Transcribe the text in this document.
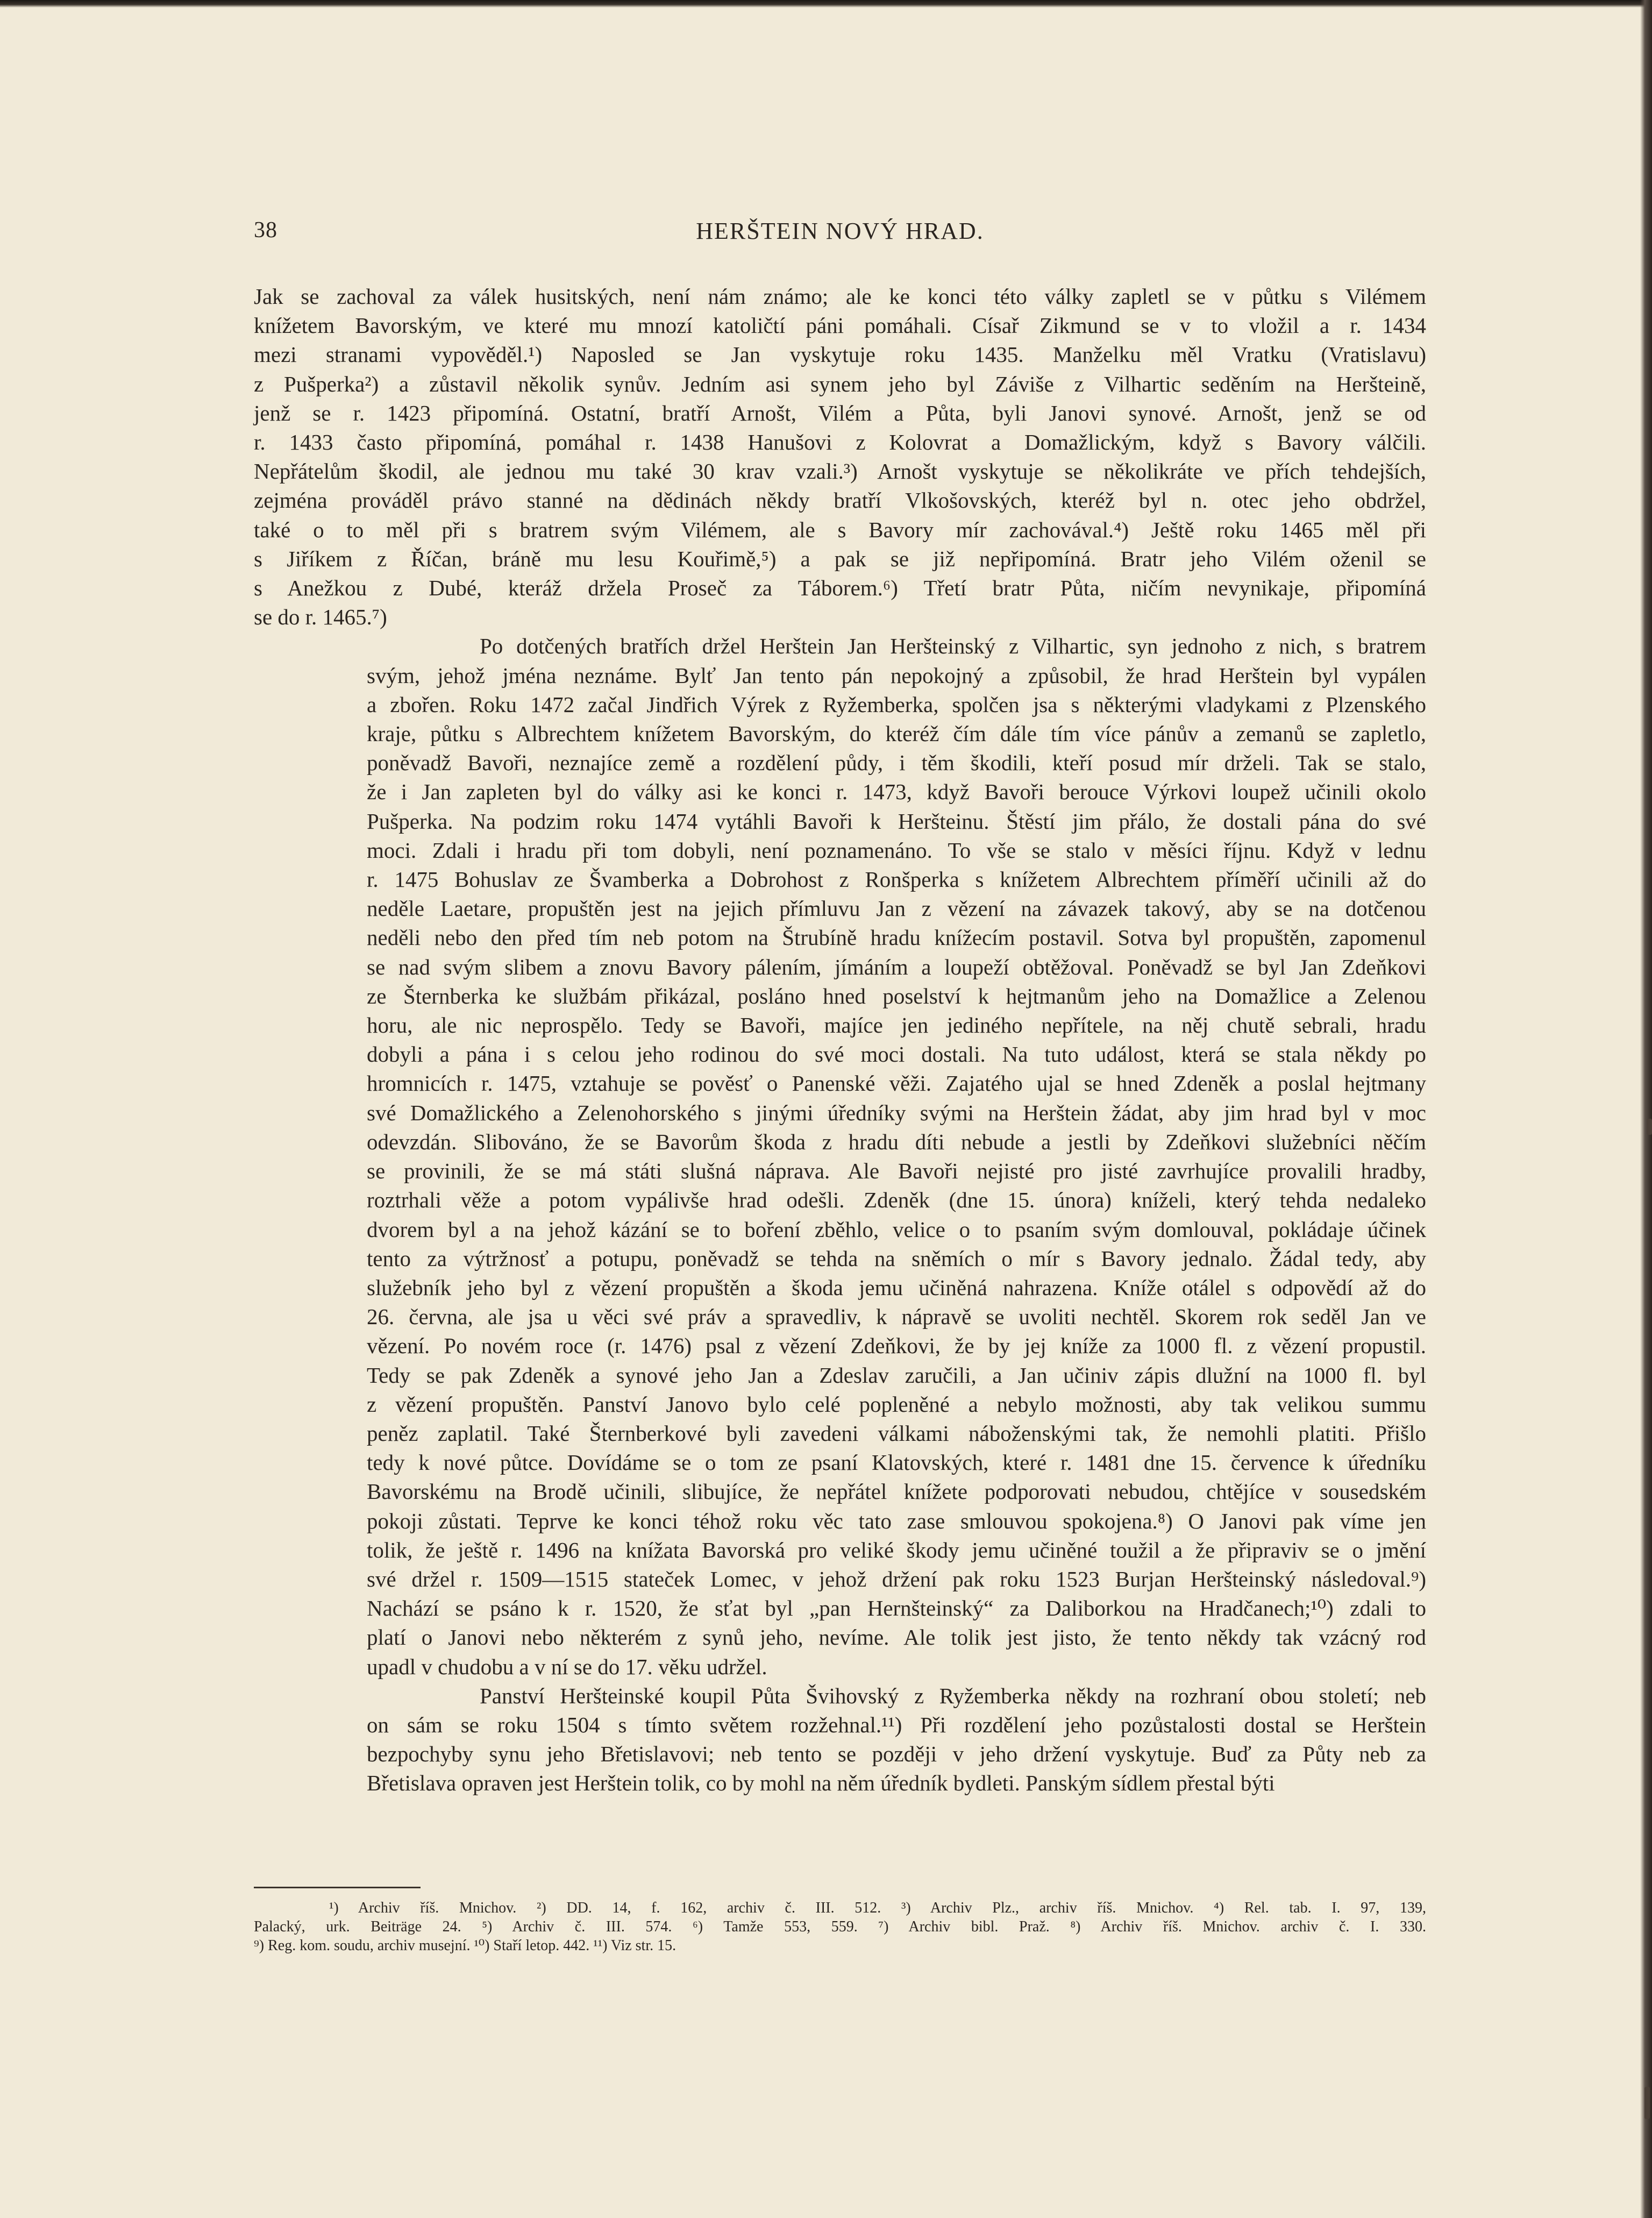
38	HERŠTEIN NOVÝ HRAD.
Jak se zachoval za válek husitských, není nám známo; ale ke konci této války zapletl se v půtku s Vilémem
knížetem Bavorským, ve které mu mnozí katoličtí páni pomáhali. Císař Zikmund se v to vložil a r. 1434
mezi stranami vypověděl.¹) Naposled se Jan vyskytuje roku 1435. Manželku měl Vratku (Vratislavu)
z Pušperka²) a zůstavil několik synův. Jedním asi synem jeho byl Záviše z Vilhartic seděním na Heršteině,
jenž se r. 1423 připomíná. Ostatní, bratří Arnošt, Vilém a Půta, byli Janovi synové. Arnošt, jenž se od
r. 1433 často připomíná, pomáhal r. 1438 Hanušovi z Kolovrat a Domažlickým, když s Bavory válčili.
Nepřátelům škodil, ale jednou mu také 30 krav vzali.³) Arnošt vyskytuje se několikráte ve přích tehdejších,
zejména prováděl právo stanné na dědinách někdy bratří Vlkošovských, kteréž byl n. otec jeho obdržel,
také o to měl při s bratrem svým Vilémem, ale s Bavory mír zachovával.⁴) Ještě roku 1465 měl při
s Jiříkem z Říčan, bráně mu lesu Kouřimě,⁵) a pak se již nepřipomíná. Bratr jeho Vilém oženil se
s Anežkou z Dubé, kteráž držela Proseč za Táborem.⁶) Třetí bratr Půta, ničím nevynikaje, připomíná
se do r. 1465.⁷)
Po dotčených bratřích držel Herštein Jan Heršteinský z Vilhartic, syn jednoho z nich, s bratrem
svým, jehož jména neznáme. Bylť Jan tento pán nepokojný a způsobil, že hrad Herštein byl vypálen
a zbořen. Roku 1472 začal Jindřich Výrek z Ryžemberka, spolčen jsa s některými vladykami z Plzenského
kraje, půtku s Albrechtem knížetem Bavorským, do kteréž čím dále tím více pánův a zemanů se zapletlo,
poněvadž Bavoři, neznajíce země a rozdělení půdy, i těm škodili, kteří posud mír drželi. Tak se stalo,
že i Jan zapleten byl do války asi ke konci r. 1473, když Bavoři berouce Výrkovi loupež učinili okolo
Pušperka. Na podzim roku 1474 vytáhli Bavoři k Heršteinu. Štěstí jim přálo, že dostali pána do své
moci. Zdali i hradu při tom dobyli, není poznamenáno. To vše se stalo v měsíci říjnu. Když v lednu
r. 1475 Bohuslav ze Švamberka a Dobrohost z Ronšperka s knížetem Albrechtem příměří učinili až do
neděle Laetare, propuštěn jest na jejich přímluvu Jan z vězení na závazek takový, aby se na dotčenou
neděli nebo den před tím neb potom na Štrubíně hradu knížecím postavil. Sotva byl propuštěn, zapomenul
se nad svým slibem a znovu Bavory pálením, jímáním a loupeží obtěžoval. Poněvadž se byl Jan Zdeňkovi
ze Šternberka ke službám přikázal, posláno hned poselství k hejtmanům jeho na Domažlice a Zelenou
horu, ale nic neprospělo. Tedy se Bavoři, majíce jen jediného nepřítele, na něj chutě sebrali, hradu
dobyli a pána i s celou jeho rodinou do své moci dostali. Na tuto událost, která se stala někdy po
hromnicích r. 1475, vztahuje se pověsť o Panenské věži. Zajatého ujal se hned Zdeněk a poslal hejtmany
své Domažlického a Zelenohorského s jinými úředníky svými na Herštein žádat, aby jim hrad byl v moc
odevzdán. Slibováno, že se Bavorům škoda z hradu díti nebude a jestli by Zdeňkovi služebníci něčím
se provinili, že se má státi slušná náprava. Ale Bavoři nejisté pro jisté zavrhujíce provalili hradby,
roztrhali věže a potom vypálivše hrad odešli. Zdeněk (dne 15. února) kníželi, který tehda nedaleko
dvorem byl a na jehož kázání se to boření zběhlo, velice o to psaním svým domlouval, pokládaje účinek
tento za výtržnosť a potupu, poněvadž se tehda na sněmích o mír s Bavory jednalo. Žádal tedy, aby
služebník jeho byl z vězení propuštěn a škoda jemu učiněná nahrazena. Kníže otálel s odpovědí až do
26. června, ale jsa u věci své práv a spravedliv, k nápravě se uvoliti nechtěl. Skorem rok seděl Jan ve
vězení. Po novém roce (r. 1476) psal z vězení Zdeňkovi, že by jej kníže za 1000 fl. z vězení propustil.
Tedy se pak Zdeněk a synové jeho Jan a Zdeslav zaručili, a Jan učiniv zápis dlužní na 1000 fl. byl
z vězení propuštěn. Panství Janovo bylo celé popleněné a nebylo možnosti, aby tak velikou summu
peněz zaplatil. Také Šternberkové byli zavedeni válkami náboženskými tak, že nemohli platiti. Přišlo
tedy k nové půtce. Dovídáme se o tom ze psaní Klatovských, které r. 1481 dne 15. července k úředníku
Bavorskému na Brodě učinili, slibujíce, že nepřátel knížete podporovati nebudou, chtějíce v sousedském
pokoji zůstati. Teprve ke konci téhož roku věc tato zase smlouvou spokojena.⁸) O Janovi pak víme jen
tolik, že ještě r. 1496 na knížata Bavorská pro veliké škody jemu učiněné toužil a že připraviv se o jmění
své držel r. 1509—1515 stateček Lomec, v jehož držení pak roku 1523 Burjan Heršteinský následoval.⁹)
Nachází se psáno k r. 1520, že sťat byl „pan Hernšteinský“ za Daliborkou na Hradčanech;¹⁰) zdali to
platí o Janovi nebo některém z synů jeho, nevíme. Ale tolik jest jisto, že tento někdy tak vzácný rod
upadl v chudobu a v ní se do 17. věku udržel.
Panství Heršteinské koupil Půta Švihovský z Ryžemberka někdy na rozhraní obou století; neb
on sám se roku 1504 s tímto světem rozžehnal.¹¹) Při rozdělení jeho pozůstalosti dostal se Herštein
bezpochyby synu jeho Břetislavovi; neb tento se později v jeho držení vyskytuje. Buď za Půty neb za
Břetislava opraven jest Herštein tolik, co by mohl na něm úředník bydleti. Panským sídlem přestal býti
¹) Archiv říš. Mnichov. ²) DD. 14, f. 162, archiv č. III. 512. ³) Archiv Plz., archiv říš. Mnichov. ⁴) Rel. tab. I. 97, 139,
Palacký, urk. Beiträge 24. ⁵) Archiv č. III. 574. ⁶) Tamže 553, 559. ⁷) Archiv bibl. Praž. ⁸) Archiv říš. Mnichov. archiv č. I. 330.
⁹) Reg. kom. soudu, archiv musejní. ¹⁰) Staří letop. 442. ¹¹) Viz str. 15.
